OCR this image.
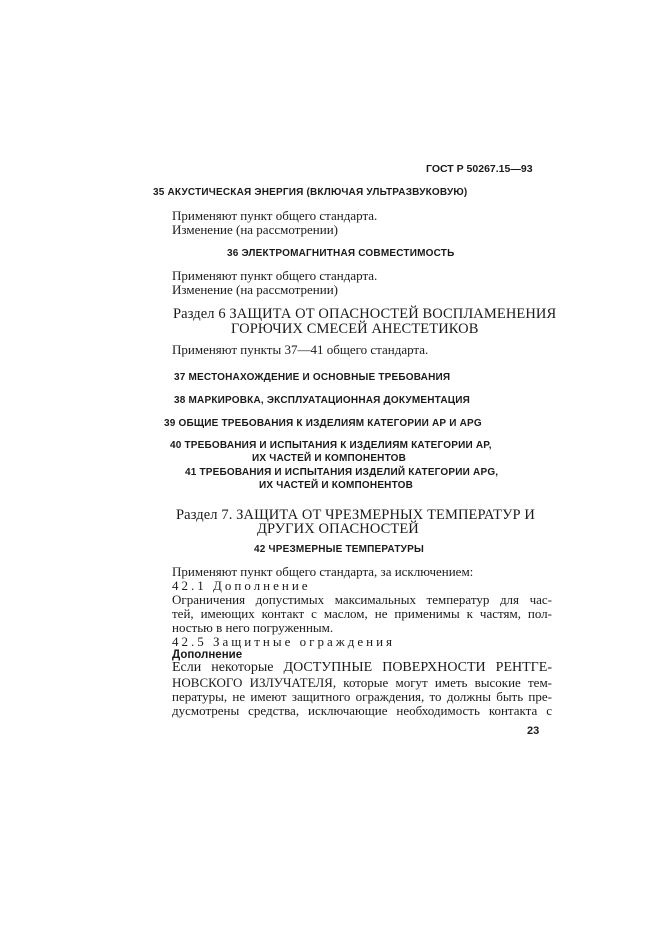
ГОСТ Р 50267.15—93
35 АКУСТИЧЕСКАЯ ЭНЕРГИЯ (ВКЛЮЧАЯ УЛЬТРАЗВУКОВУЮ)
Применяют пункт общего стандарта.
Изменение (на рассмотрении)
36 ЭЛЕКТРОМАГНИТНАЯ СОВМЕСТИМОСТЬ
Применяют пункт общего стандарта.
Изменение (на рассмотрении)
Раздел 6 ЗАЩИТА ОТ ОПАСНОСТЕЙ ВОСПЛАМЕНЕНИЯ
ГОРЮЧИХ СМЕСЕЙ АНЕСТЕТИКОВ
Применяют пункты 37—41 общего стандарта.
37 МЕСТОНАХОЖДЕНИЕ И ОСНОВНЫЕ ТРЕБОВАНИЯ
38 МАРКИРОВКА, ЭКСПЛУАТАЦИОННАЯ ДОКУМЕНТАЦИЯ
39 ОБЩИЕ ТРЕБОВАНИЯ К ИЗДЕЛИЯМ КАТЕГОРИИ АР И APG
40 ТРЕБОВАНИЯ И ИСПЫТАНИЯ К ИЗДЕЛИЯМ КАТЕГОРИИ АР,
ИХ ЧАСТЕЙ И КОМПОНЕНТОВ
41 ТРЕБОВАНИЯ И ИСПЫТАНИЯ ИЗДЕЛИЙ КАТЕГОРИИ APG,
ИХ ЧАСТЕЙ И КОМПОНЕНТОВ
Раздел 7. ЗАЩИТА ОТ ЧРЕЗМЕРНЫХ ТЕМПЕРАТУР И
ДРУГИХ ОПАСНОСТЕЙ
42 ЧРЕЗМЕРНЫЕ ТЕМПЕРАТУРЫ
Применяют пункт общего стандарта, за исключением:
42.1 Дополнение
Ограничения допустимых максимальных температур для час-
тей, имеющих контакт с маслом, не применимы к частям, пол-
ностью в него погруженным.
42.5 Защитные ограждения
Дополнение
Если некоторые ДОСТУПНЫЕ ПОВЕРХНОСТИ РЕНТГЕ-
НОВСКОГО ИЗЛУЧАТЕЛЯ, которые могут иметь высокие тем-
пературы, не имеют защитного ограждения, то должны быть пре-
дусмотрены средства, исключающие необходимость контакта с
23
